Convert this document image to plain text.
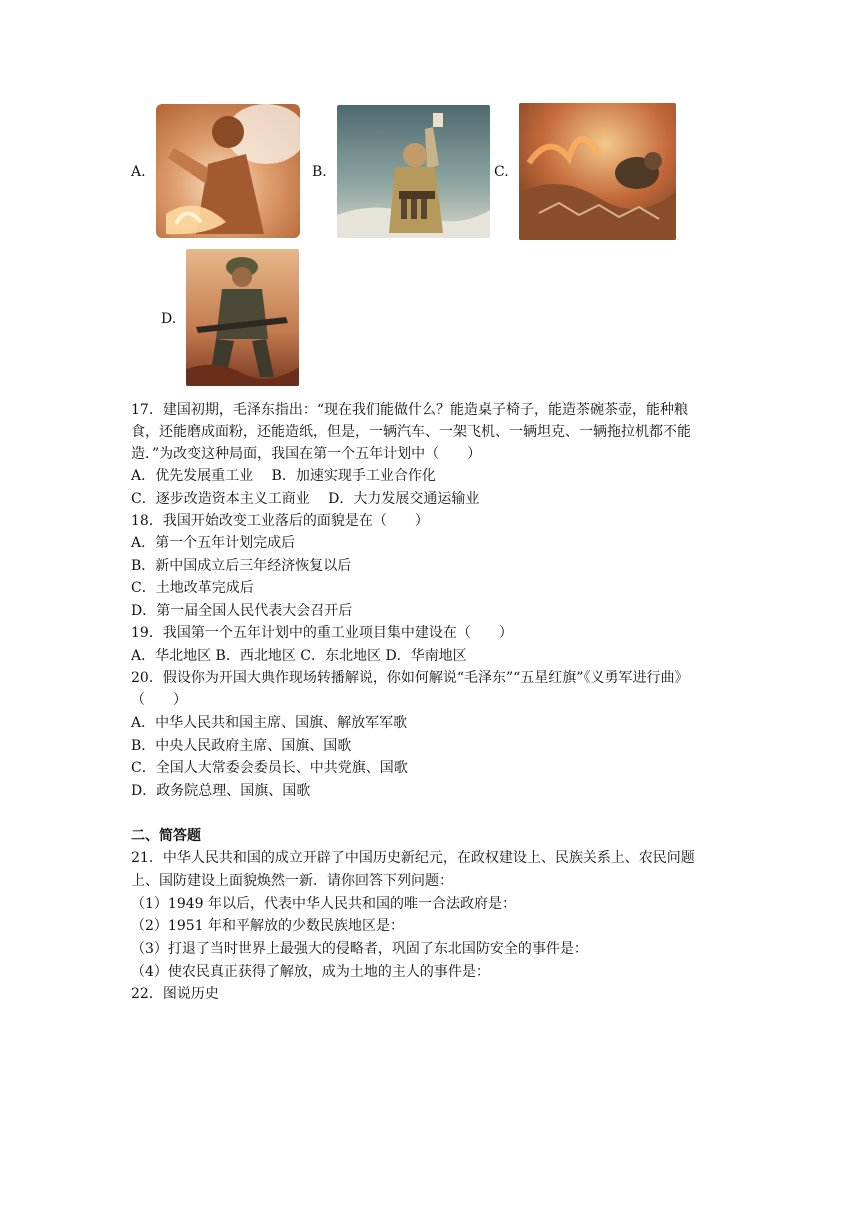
A.	B.	C.
D.
17．建国初期，毛泽东指出：“现在我们能做什么？能造桌子椅子，能造茶碗茶壶，能种粮
食，还能磨成面粉，还能造纸，但是，一辆汽车、一架飞机、一辆坦克、一辆拖拉机都不能
造．”为改变这种局面，我国在第一个五年计划中（　　）
A．优先发展重工业　 B．加速实现手工业合作化
C．逐步改造资本主义工商业　 D．大力发展交通运输业
18．我国开始改变工业落后的面貌是在（　　）
A．第一个五年计划完成后
B．新中国成立后三年经济恢复以后
C．土地改革完成后
D．第一届全国人民代表大会召开后
19．我国第一个五年计划中的重工业项目集中建设在（　　）
A．华北地区 B．西北地区 C．东北地区 D．华南地区
20．假设你为开国大典作现场转播解说，你如何解说“毛泽东”“五星红旗”《义勇军进行曲》
（　　）
A．中华人民共和国主席、国旗、解放军军歌
B．中央人民政府主席、国旗、国歌
C．全国人大常委会委员长、中共党旗、国歌
D．政务院总理、国旗、国歌
二、简答题
21．中华人民共和国的成立开辟了中国历史新纪元，在政权建设上、民族关系上、农民问题
上、国防建设上面貌焕然一新．请你回答下列问题：
（1）1949 年以后，代表中华人民共和国的唯一合法政府是：
（2）1951 年和平解放的少数民族地区是：
（3）打退了当时世界上最强大的侵略者，巩固了东北国防安全的事件是：
（4）使农民真正获得了解放，成为土地的主人的事件是：
22．图说历史
